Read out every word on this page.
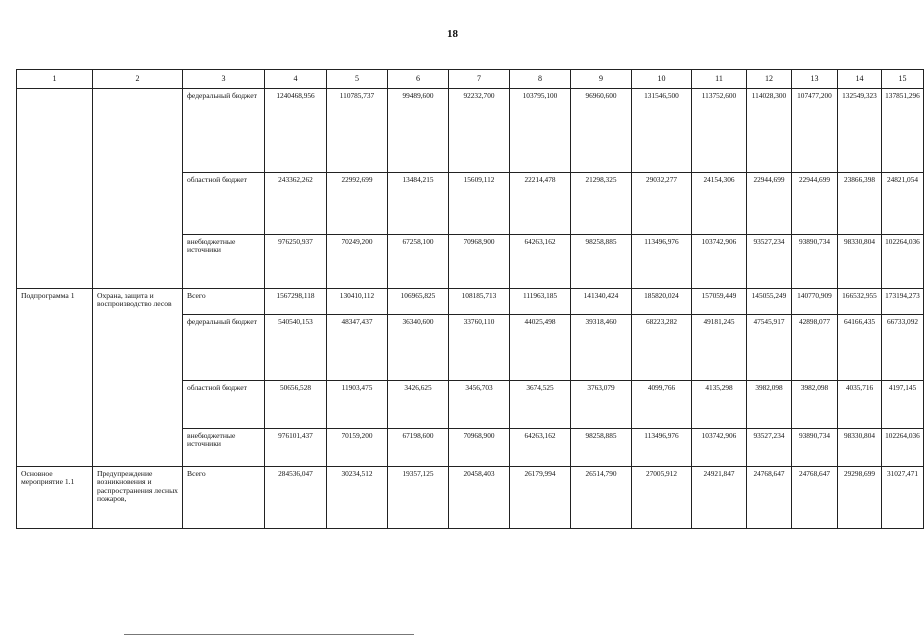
18
1	2	3	4	5	6	7	8	9	10	11	12	13	14	15
		федеральный бюджет	1240468,956	110785,737	99489,600	92232,700	103795,100	96960,600	131546,500	113752,600	114028,300	107477,200	132549,323	137851,296
		областной бюджет	243362,262	22992,699	13484,215	15609,112	22214,478	21298,325	29032,277	24154,306	22944,699	22944,699	23866,398	24821,054
		внебюджетные источники	976250,937	70249,200	67258,100	70968,900	64263,162	98258,885	113496,976	103742,906	93527,234	93890,734	98330,804	102264,036
Подпрограмма 1	Охрана, защита и воспроизводство лесов	Всего	1567298,118	130410,112	106965,825	108185,713	111963,185	141340,424	185820,024	157059,449	145055,249	140770,909	166532,955	173194,273
		федеральный бюджет	540540,153	48347,437	36340,600	33760,110	44025,498	39318,460	68223,282	49181,245	47545,917	42898,077	64166,435	66733,092
		областной бюджет	50656,528	11903,475	3426,625	3456,703	3674,525	3763,079	4099,766	4135,298	3982,098	3982,098	4035,716	4197,145
		внебюджетные источники	976101,437	70159,200	67198,600	70968,900	64263,162	98258,885	113496,976	103742,906	93527,234	93890,734	98330,804	102264,036
Основное мероприятие 1.1	Предупреждение возникновения и распространения лесных пожаров,	Всего	284536,047	30234,512	19357,125	20458,403	26179,994	26514,790	27005,912	24921,847	24768,647	24768,647	29298,699	31027,471
